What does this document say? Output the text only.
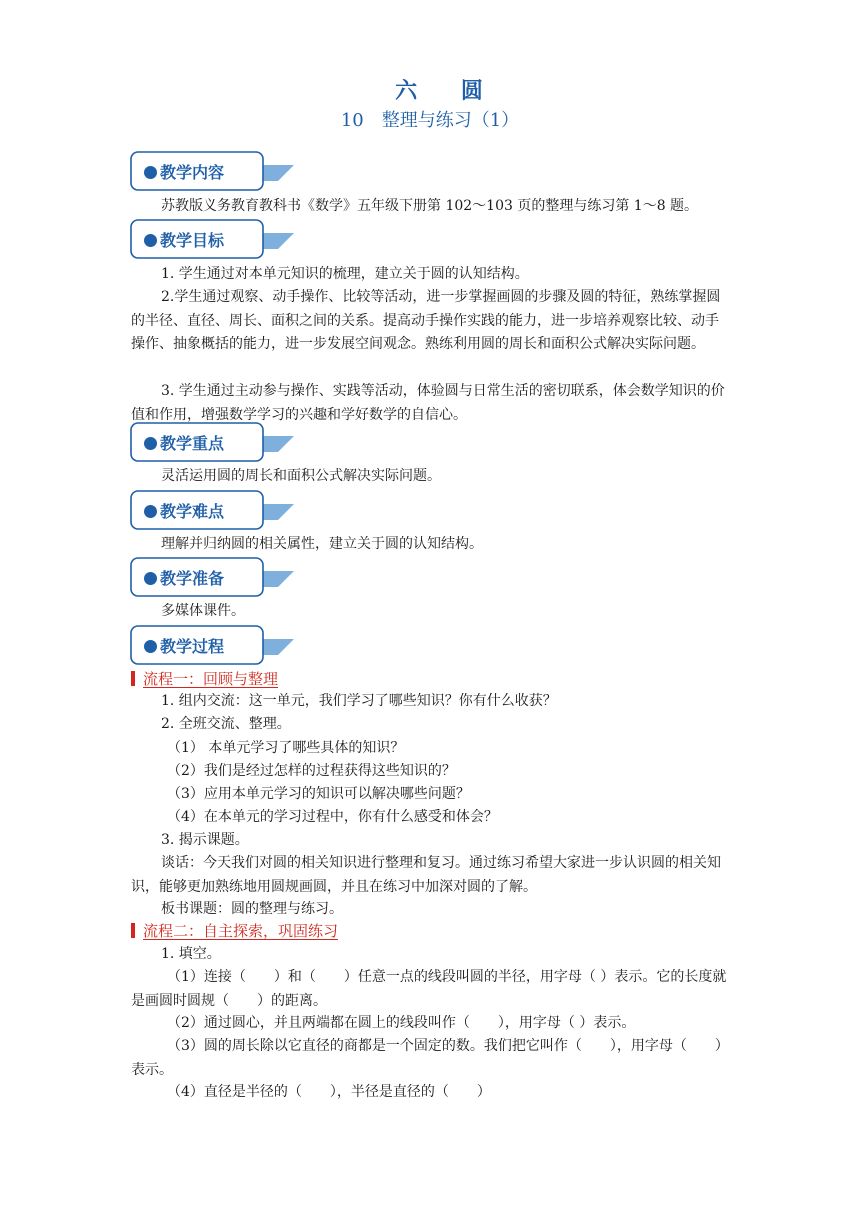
六 圆
10　整理与练习（1）
教学内容

苏教版义务教育教科书《数学》五年级下册第 102～103 页的整理与练习第 1～8 题。

教学目标

1. 学生通过对本单元知识的梳理，建立关于圆的认知结构。

2.学生通过观察、动手操作、比较等活动，进一步掌握画圆的步骤及圆的特征，熟练掌握圆的半径、直径、周长、面积之间的关系。提高动手操作实践的能力，进一步培养观察比较、动手操作、抽象概括的能力，进一步发展空间观念。熟练利用圆的周长和面积公式解决实际问题。

3. 学生通过主动参与操作、实践等活动，体验圆与日常生活的密切联系，体会数学知识的价值和作用，增强数学学习的兴趣和学好数学的自信心。

教学重点

灵活运用圆的周长和面积公式解决实际问题。

教学难点

理解并归纳圆的相关属性，建立关于圆的认知结构。

教学准备

多媒体课件。

教学过程
流程一：回顾与整理

1. 组内交流：这一单元，我们学习了哪些知识？你有什么收获？

2. 全班交流、整理。

（1） 本单元学习了哪些具体的知识？

（2）我们是经过怎样的过程获得这些知识的？

（3）应用本单元学习的知识可以解决哪些问题？

（4）在本单元的学习过程中，你有什么感受和体会？

3. 揭示课题。

谈话：今天我们对圆的相关知识进行整理和复习。通过练习希望大家进一步认识圆的相关知识，能够更加熟练地用圆规画圆，并且在练习中加深对圆的了解。

板书课题：圆的整理与练习。

流程二：自主探索，巩固练习

1. 填空。

（1）连接（　　）和（　　）任意一点的线段叫圆的半径，用字母（ ）表示。它的长度就是画圆时圆规（　　）的距离。

（2）通过圆心，并且两端都在圆上的线段叫作（　　），用字母（ ）表示。

（3）圆的周长除以它直径的商都是一个固定的数。我们把它叫作（　　），用字母（　　）表示。

（4）直径是半径的（　　），半径是直径的（　　）
